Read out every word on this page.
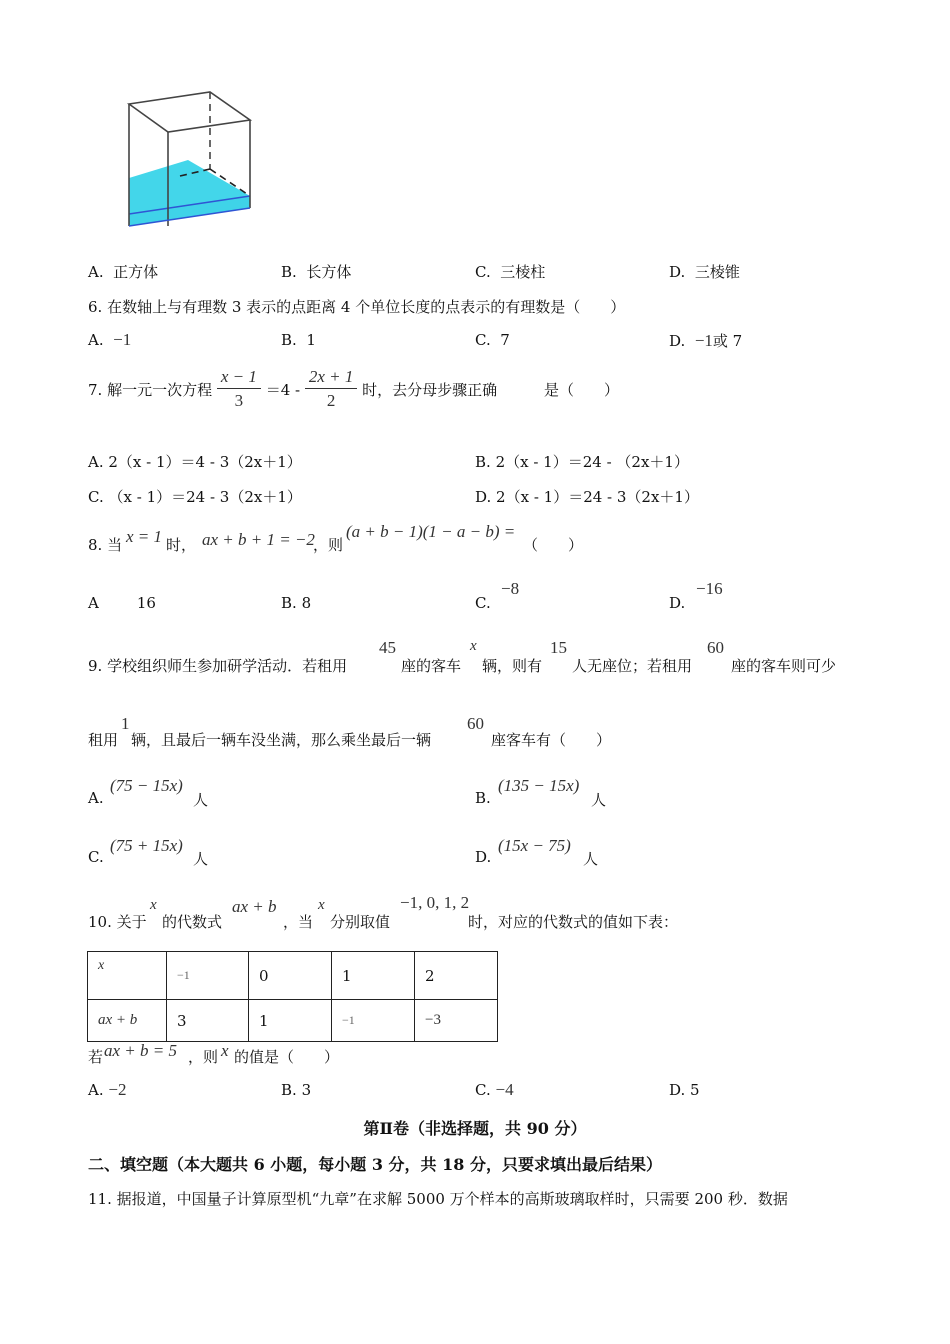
A. 正方体	B. 长方体	C. 三棱柱	D. 三棱锥
6. 在数轴上与有理数 3 表示的点距离 4 个单位长度的点表示的有理数是（　　）
A. −1	B. 1	C. 7	D. −1或 7
7. 解一元一次方程 $\frac{x - 1}{3} =4 - \frac{2x + 1}{2}$ 时，去分母步骤正确	是（　　）
A. 2（x - 1）＝4 - 3（2x＋1）	B. 2（x - 1）＝24 - （2x＋1）
C. （x - 1）＝24 - 3（2x＋1）	D. 2（x - 1）＝24 - 3（2x＋1）
8. 当 x = 1 时， ax + b + 1 = −2
，则
(a + b − 1)(1 − a − b) =
（　　）
A	16	B. 8	C.
−8
D.
−16
9. 学校组织师生参加研学活动．若租用
45
座的客车
x
辆，则有
15
人无座位；若租用
60
座的客车则可少
租用
1
辆，且最后一辆车没坐满，那么乘坐最后一辆
60
座客车有（　　）
A.
(75 − 15x)
人	B.
(135 − 15x)
人
C.
(75 + 15x)
人	D.
(15x − 75)
人
10. 关于
x
的代数式
ax + b
，当
x
分别取值
−1, 0, 1, 2
时，对应的代数式的值如下表：
x	−1	0	1	2
ax + b	3	1	−1	−3
若 ax + b = 5 ，则 x 的值是（　　）
A. −2	B. 3	C. −4	D. 5
第Ⅱ卷（非选择题，共 90 分）
二、填空题（本大题共 6 小题，每小题 3 分，共 18 分，只要求填出最后结果）
11. 据报道，中国量子计算原型机“九章”在求解 5000 万个样本的高斯玻璃取样时，只需要 200 秒．数据
